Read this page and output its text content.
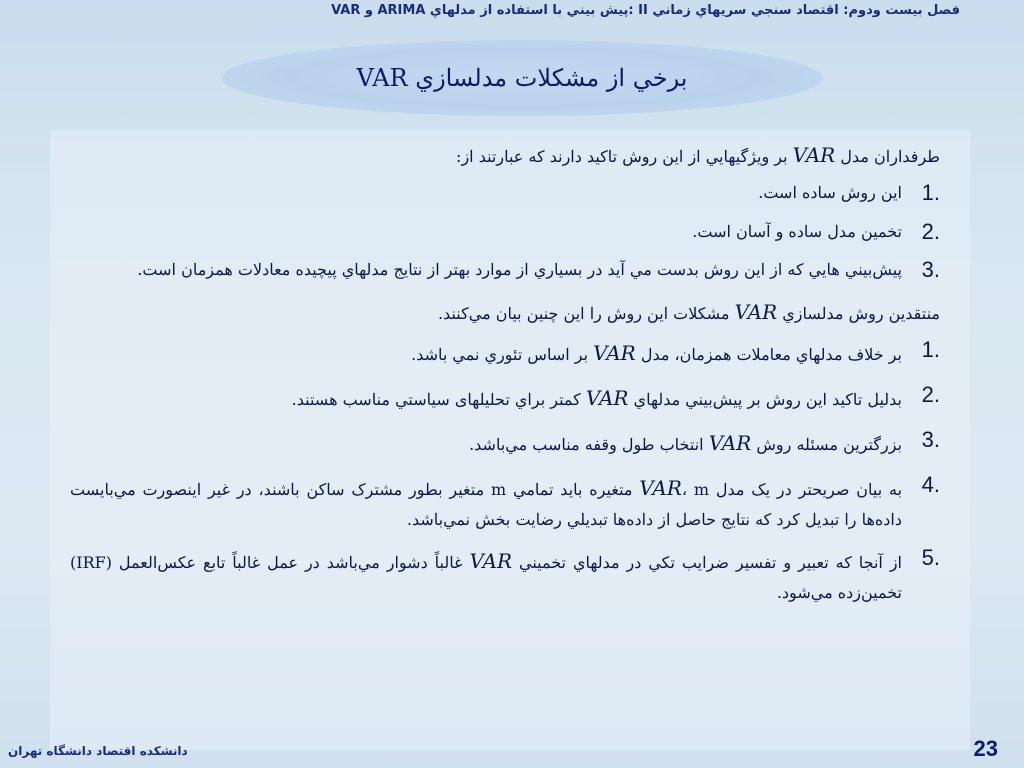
فصل بيست ودوم: اقتصاد سنجي سريهاي زماني II :پيش بيني با استفاده از مدلهاي ARIMA و VAR
برخي از مشكلات مدلسازي

VAR

طرفداران مدل VAR بر ويژگيهايي از اين روش تاكيد دارند كه عبارتند از:

1.
اين روش ساده است.
2.
تخمين مدل ساده و آسان است.
3.
پيش‌بيني هايي كه از اين روش بدست مي آيد در بسياري از موارد بهتر از نتايج مدلهاي پيچيده معادلات همزمان است.

منتقدين روش مدلسازي VAR مشكلات اين روش را اين چنين بيان مي‌كنند.

1.
بر خلاف مدلهاي معاملات همزمان، مدل VAR بر اساس تئوري نمي باشد.
2.
بدليل تاكيد اين روش بر پيش‌بيني مدلهاي VAR كمتر براي تحليلهای سياستي مناسب هستند.
3.
بزرگترين مسئله روش VAR انتخاب طول وقفه مناسب مي‌باشد.
4.
به بيان صريحتر در يک مدل VAR، m متغيره بايد تمامي m متغير بطور مشترک ساکن باشند، در غير اينصورت مي‌بايست داده‌ها را تبديل كرد كه نتايج حاصل از داده‌ها تبديلي رضايت بخش نمي‌باشد.
5.
از آنجا كه تعبير و تفسير ضرايب تكي در مدلهاي تخميني VAR غالباً دشوار مي‌باشد در عمل غالباً تابع عكس‌العمل (IRF) تخمين‌زده مي‌شود.
دانشكده اقتصاد دانشگاه تهران	23
